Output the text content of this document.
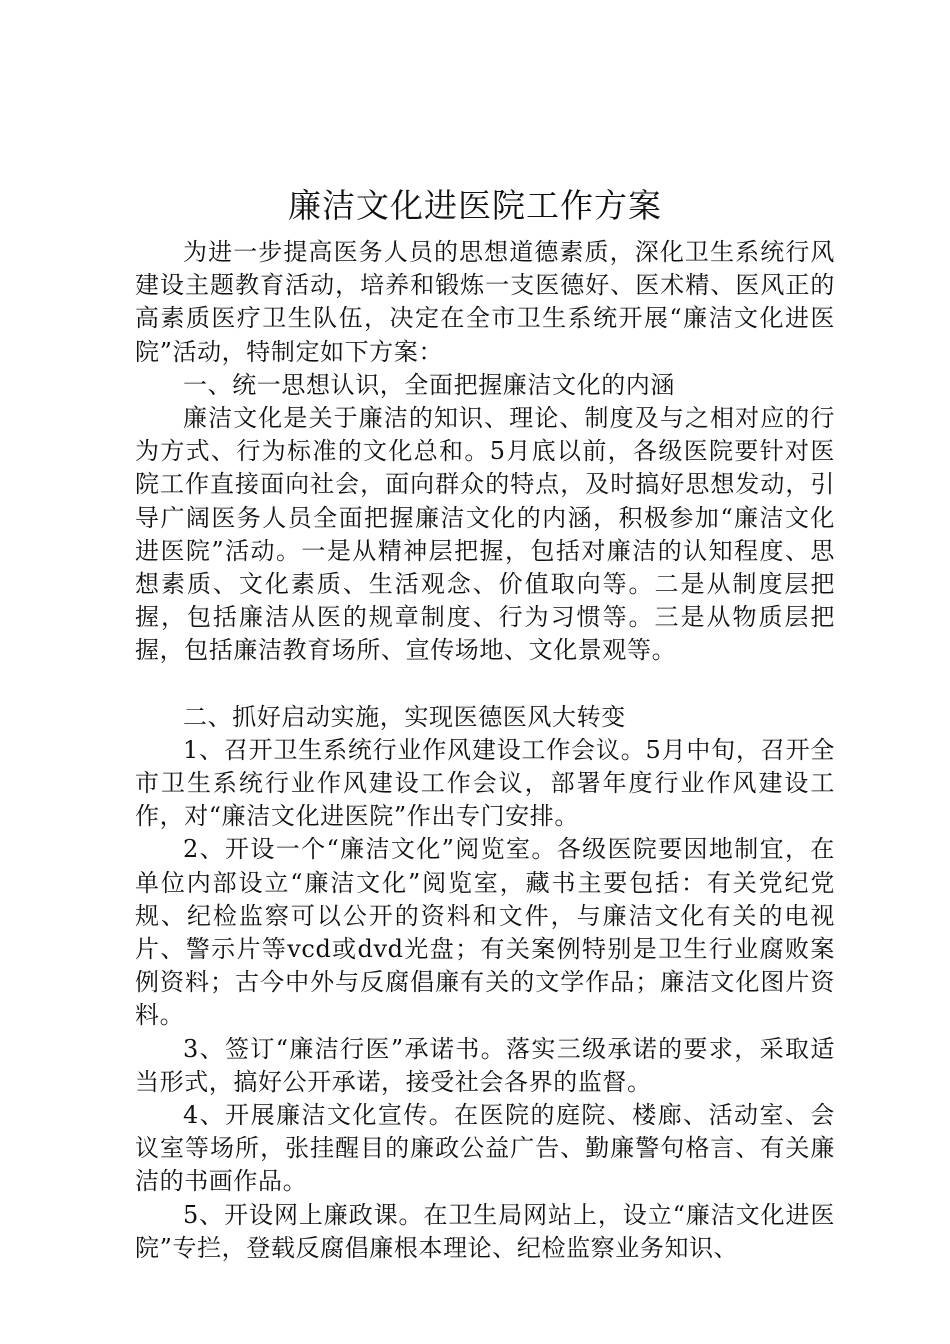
廉洁文化进医院工作方案

为进一步提高医务人员的思想道德素质，深化卫生系统行风建设主题教育活动，培养和锻炼一支医德好、医术精、医风正的高素质医疗卫生队伍，决定在全市卫生系统开展“廉洁文化进医院”活动，特制定如下方案：

一、统一思想认识，全面把握廉洁文化的内涵

廉洁文化是关于廉洁的知识、理论、制度及与之相对应的行为方式、行为标准的文化总和。5月底以前，各级医院要针对医院工作直接面向社会，面向群众的特点，及时搞好思想发动，引导广阔医务人员全面把握廉洁文化的内涵，积极参加“廉洁文化进医院”活动。一是从精神层把握，包括对廉洁的认知程度、思想素质、文化素质、生活观念、价值取向等。二是从制度层把握，包括廉洁从医的规章制度、行为习惯等。三是从物质层把握，包括廉洁教育场所、宣传场地、文化景观等。

二、抓好启动实施，实现医德医风大转变

1、召开卫生系统行业作风建设工作会议。5月中旬，召开全市卫生系统行业作风建设工作会议，部署年度行业作风建设工作，对“廉洁文化进医院”作出专门安排。

2、开设一个“廉洁文化”阅览室。各级医院要因地制宜，在单位内部设立“廉洁文化”阅览室，藏书主要包括：有关党纪党规、纪检监察可以公开的资料和文件，与廉洁文化有关的电视片、警示片等vcd或dvd光盘；有关案例特别是卫生行业腐败案例资料；古今中外与反腐倡廉有关的文学作品；廉洁文化图片资料。

3、签订“廉洁行医”承诺书。落实三级承诺的要求，采取适当形式，搞好公开承诺，接受社会各界的监督。

4、开展廉洁文化宣传。在医院的庭院、楼廊、活动室、会议室等场所，张挂醒目的廉政公益广告、勤廉警句格言、有关廉洁的书画作品。

5、开设网上廉政课。在卫生局网站上，设立“廉洁文化进医院”专拦，登载反腐倡廉根本理论、纪检监察业务知识、
